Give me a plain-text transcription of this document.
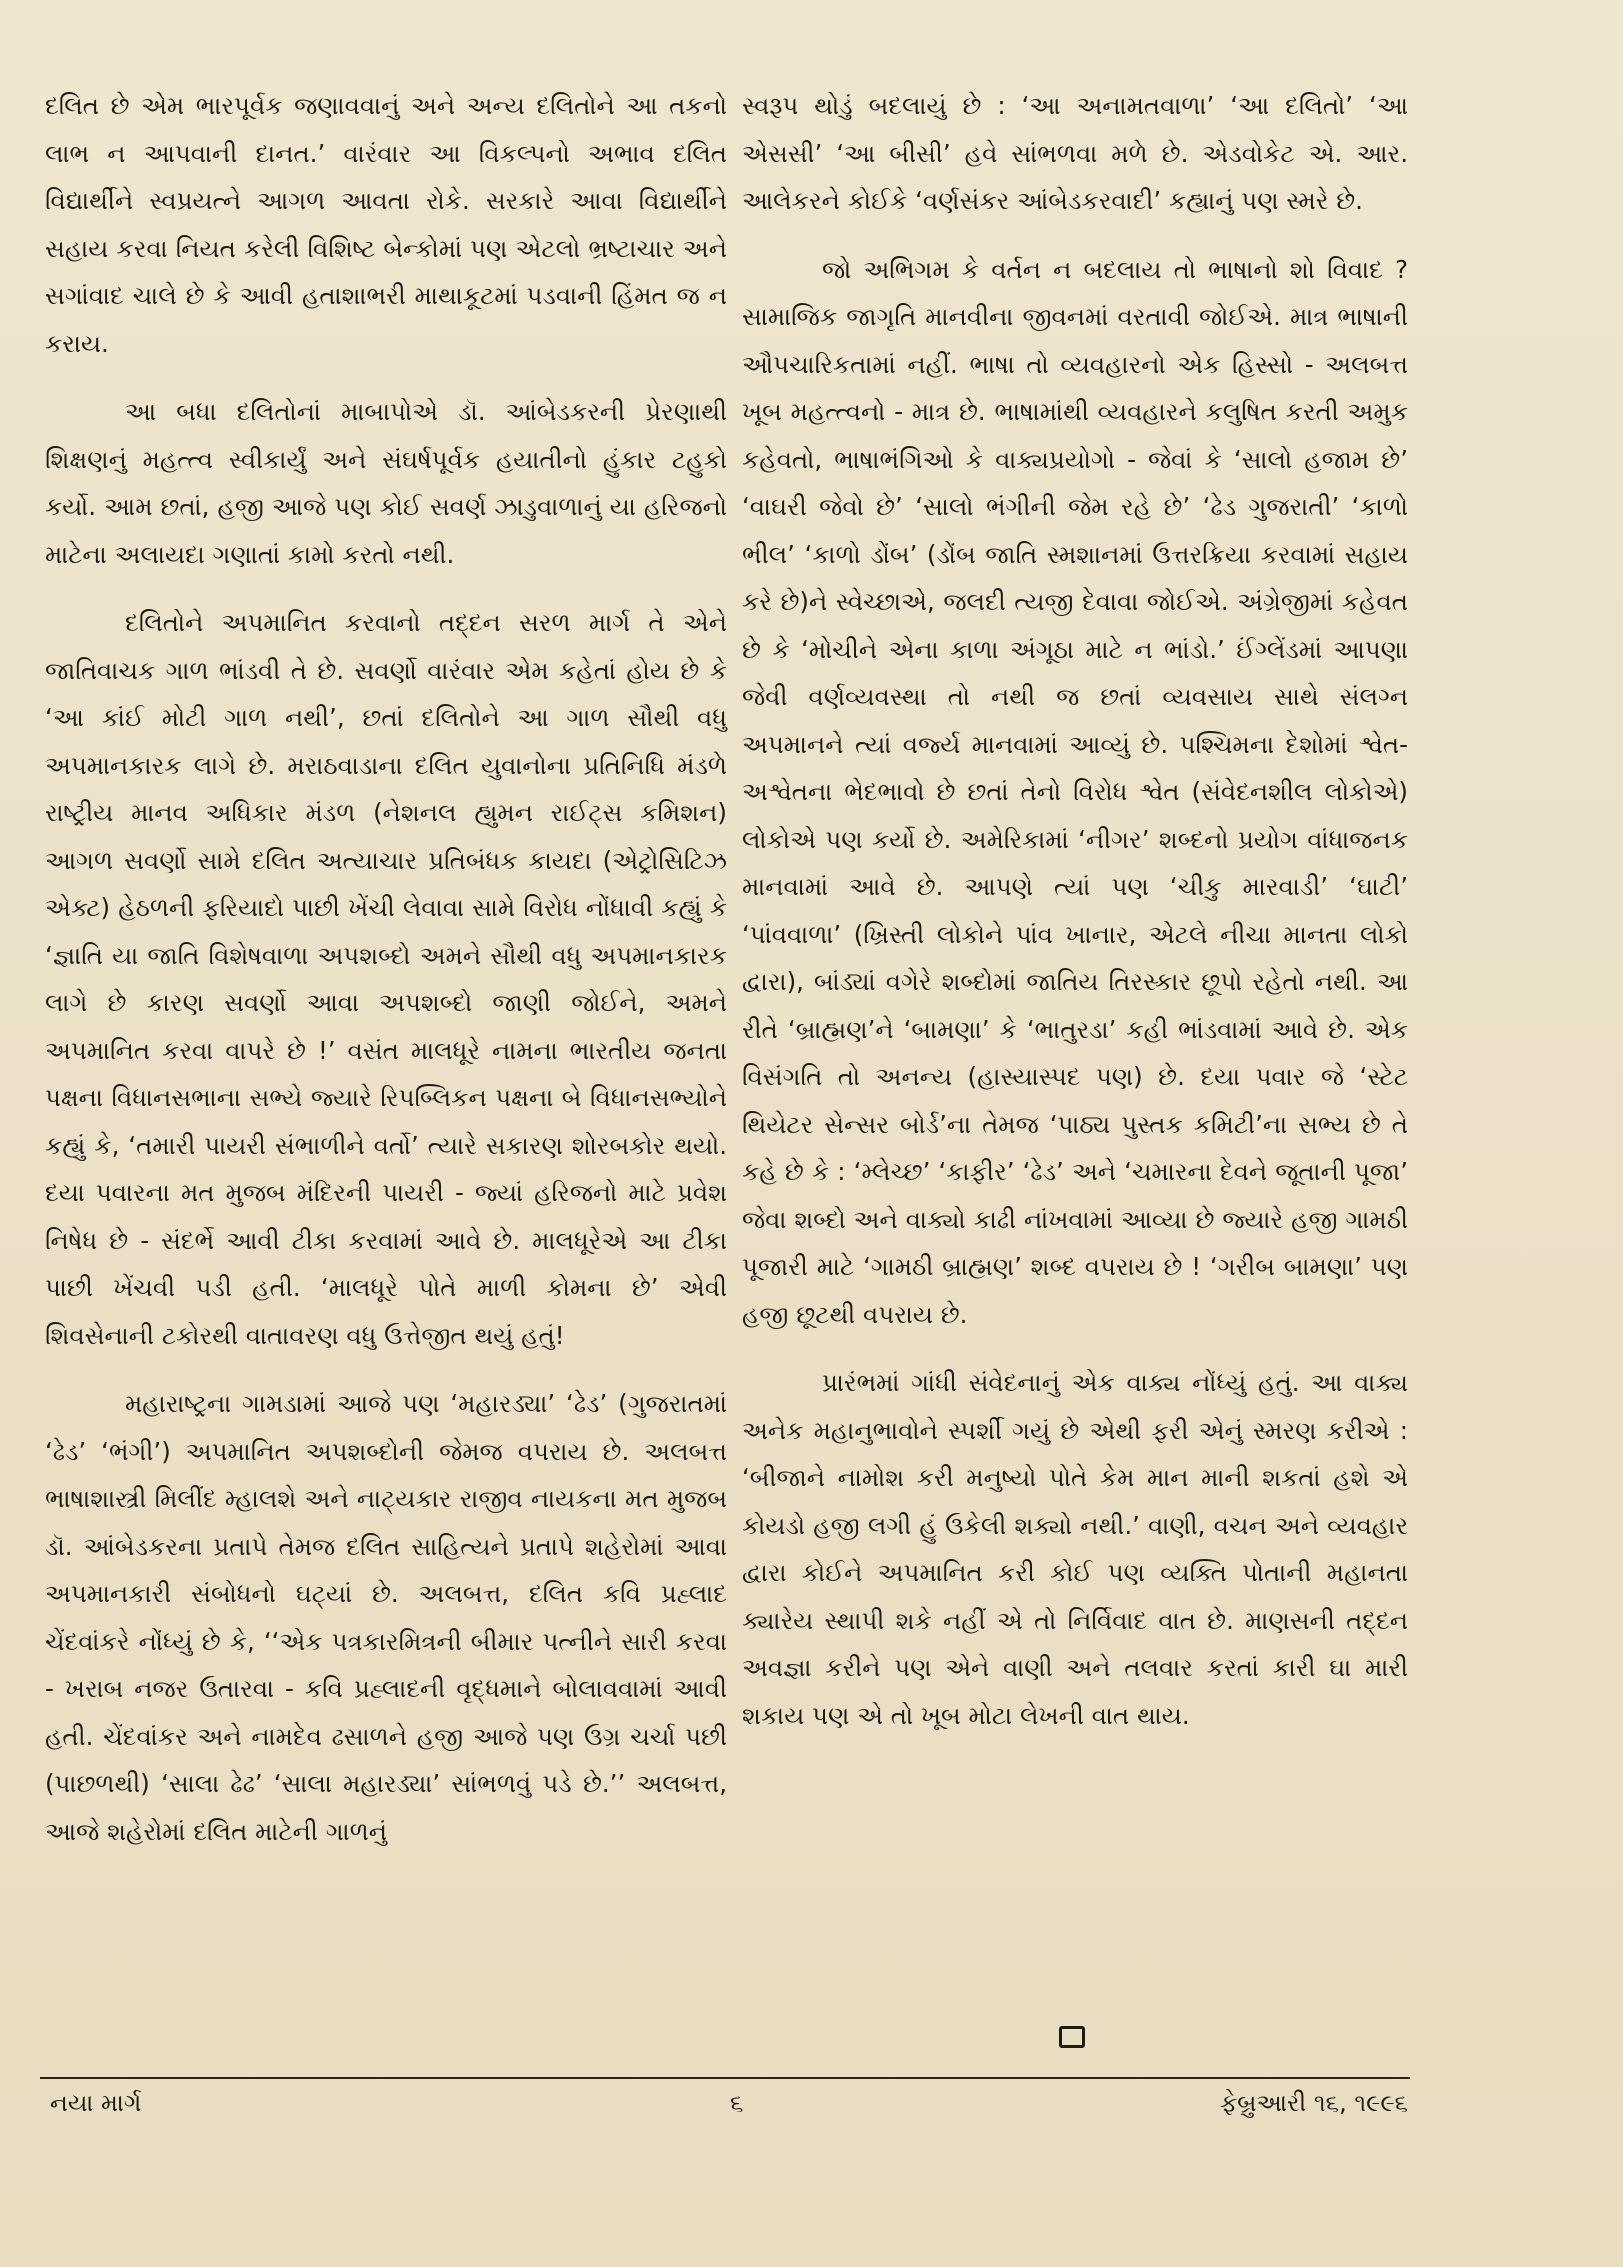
દલિત છે એમ ભારપૂર્વક જણાવવાનું અને અન્ય દલિતોને આ તકનો લાભ ન આપવાની દાનત.’ વારંવાર આ વિકલ્પનો અભાવ દલિત વિદ્યાર્થીને સ્વપ્રયત્ને આગળ આવતા રોકે. સરકારે આવા વિદ્યાર્થીને સહાય કરવા નિયત કરેલી વિશિષ્ટ બેન્કોમાં પણ એટલો ભ્રષ્ટાચાર અને સગાંવાદ ચાલે છે કે આવી હતાશાભરી માથાકૂટમાં પડવાની હિંમત જ ન કરાય.

આ બધા દલિતોનાં માબાપોએ ડૉ. આંબેડકરની પ્રેરણાથી શિક્ષણનું મહત્ત્વ સ્વીકાર્યું અને સંઘર્ષપૂર્વક હયાતીનો હુંકાર ટહુકો કર્યો. આમ છતાં, હજી આજે પણ કોઈ સવર્ણ ઝાડુવાળાનું યા હરિજનો માટેના અલાયદા ગણાતાં કામો કરતો નથી.

દલિતોને અપમાનિત કરવાનો તદ્દન સરળ માર્ગ તે એને જાતિવાચક ગાળ ભાંડવી તે છે. સવર્ણો વારંવાર એમ કહેતાં હોય છે કે ‘આ કાંઈ મોટી ગાળ નથી’, છતાં દલિતોને આ ગાળ સૌથી વધુ અપમાનકારક લાગે છે. મરાઠવાડાના દલિત યુવાનોના પ્રતિનિધિ મંડળે રાષ્ટ્રીય માનવ અધિકાર મંડળ (નેશનલ હ્યુમન રાઈટ્સ કમિશન) આગળ સવર્ણો સામે દલિત અત્યાચાર પ્રતિબંધક કાયદા (એટ્રોસિટિઝ એક્ટ) હેઠળની ફરિયાદો પાછી ખેંચી લેવાવા સામે વિરોધ નોંધાવી કહ્યું કે ‘જ્ઞાતિ યા જાતિ વિશેષવાળા અપશબ્દો અમને સૌથી વધુ અપમાનકારક લાગે છે કારણ સવર્ણો આવા અપશબ્દો જાણી જોઈને, અમને અપમાનિત કરવા વાપરે છે !’ વસંત માલધૂરે નામના ભારતીય જનતા પક્ષના વિધાનસભાના સભ્યે જ્યારે રિપબ્લિકન પક્ષના બે વિધાનસભ્યોને કહ્યું કે, ‘તમારી પાયરી સંભાળીને વર્તો’ ત્યારે સકારણ શોરબકોર થયો. દયા પવારના મત મુજબ મંદિરની પાયરી - જ્યાં હરિજનો માટે પ્રવેશ નિષેધ છે - સંદર્ભે આવી ટીકા કરવામાં આવે છે. માલધૂરેએ આ ટીકા પાછી ખેંચવી પડી હતી. ‘માલધૂરે પોતે માળી કોમના છે’ એવી શિવસેનાની ટકોરથી વાતાવરણ વધુ ઉત્તેજીત થયું હતું!

મહારાષ્ટ્રના ગામડામાં આજે પણ ‘મહારડ્યા’ ‘ઢેડ’ (ગુજરાતમાં ‘ઢેડ’ ‘ભંગી’) અપમાનિત અપશબ્દોની જેમજ વપરાય છે. અલબત્ત ભાષાશાસ્ત્રી મિલીંદ મ્હાલશે અને નાટ્યકાર રાજીવ નાયકના મત મુજબ ડૉ. આંબેડકરના પ્રતાપે તેમજ દલિત સાહિત્યને પ્રતાપે શહેરોમાં આવા અપમાનકારી સંબોધનો ઘટ્યાં છે. અલબત્ત, દલિત કવિ પ્રહ્લાદ ચેંદવાંકરે નોંધ્યું છે કે, ‘‘એક પત્રકારમિત્રની બીમાર પત્નીને સારી કરવા - ખરાબ નજર ઉતારવા - કવિ પ્રહ્લાદની વૃદ્ધમાને બોલાવવામાં આવી હતી. ચેંદવાંકર અને નામદેવ ઢસાળને હજી આજે પણ ઉગ્ર ચર્ચા પછી (પાછળથી) ‘સાલા ઢેઢ’ ‘સાલા મહારડ્યા’ સાંભળવું પડે છે.’’ અલબત્ત, આજે શહેરોમાં દલિત માટેની ગાળનું

સ્વરૂપ થોડું બદલાયું છે : ‘આ અનામતવાળા’ ‘આ દલિતો’ ‘આ એસસી’ ‘આ બીસી’ હવે સાંભળવા મળે છે. એડવોકેટ એ. આર. આલેકરને કોઈકે ‘વર્ણસંકર આંબેડકરવાદી’ કહ્યાનું પણ સ્મરે છે.

જો અભિગમ કે વર્તન ન બદલાય તો ભાષાનો શો વિવાદ ? સામાજિક જાગૃતિ માનવીના જીવનમાં વરતાવી જોઈએ. માત્ર ભાષાની ઔપચારિકતામાં નહીં. ભાષા તો વ્યવહારનો એક હિસ્સો - અલબત્ત ખૂબ મહત્ત્વનો - માત્ર છે. ભાષામાંથી વ્યવહારને કલુષિત કરતી અમુક કહેવતો, ભાષાભંગિઓ કે વાક્યપ્રયોગો - જેવાં કે ‘સાલો હજામ છે’ ‘વાઘરી જેવો છે’ ‘સાલો ભંગીની જેમ રહે છે’ ‘ઢેડ ગુજરાતી’ ‘કાળો ભીલ’ ‘કાળો ડોંબ’ (ડોંબ જાતિ સ્મશાનમાં ઉત્તરક્રિયા કરવામાં સહાય કરે છે)ને સ્વેચ્છાએ, જલદી ત્યજી દેવાવા જોઈએ. અંગ્રેજીમાં કહેવત છે કે ‘મોચીને એના કાળા અંગૂઠા માટે ન ભાંડો.’ ઈંગ્લેંડમાં આપણા જેવી વર્ણવ્યવસ્થા તો નથી જ છતાં વ્યવસાય સાથે સંલગ્ન અપમાનને ત્યાં વર્જ્ય માનવામાં આવ્યું છે. પશ્ચિમના દેશોમાં શ્વેત-અશ્વેતના ભેદભાવો છે છતાં તેનો વિરોધ શ્વેત (સંવેદનશીલ લોકોએ) લોકોએ પણ કર્યો છે. અમેરિકામાં ‘નીગર’ શબ્દનો પ્રયોગ વાંધાજનક માનવામાં આવે છે. આપણે ત્યાં પણ ‘ચીકુ મારવાડી’ ‘ઘાટી’ ‘પાંવવાળા’ (ખ્રિસ્તી લોકોને પાંવ ખાનાર, એટલે નીચા માનતા લોકો દ્વારા), બાંડ્યાં વગેરે શબ્દોમાં જાતિય તિરસ્કાર છૂપો રહેતો નથી. આ રીતે ‘બ્રાહ્મણ’ને ‘બામણા’ કે ‘ભાતુરડા’ કહી ભાંડવામાં આવે છે. એક વિસંગતિ તો અનન્ય (હાસ્યાસ્પદ પણ) છે. દયા પવાર જે ‘સ્ટેટ થિયેટર સેન્સર બોર્ડ’ના તેમજ ‘પાઠ્ય પુસ્તક કમિટી’ના સભ્ય છે તે કહે છે કે : ‘મ્લેચ્છ’ ‘કાફીર’ ‘ઢેડ’ અને ‘ચમારના દેવને જૂતાની પૂજા’ જેવા શબ્દો અને વાક્યો કાઢી નાંખવામાં આવ્યા છે જ્યારે હજી ગામઠી પૂજારી માટે ‘ગામઠી બ્રાહ્મણ’ શબ્દ વપરાય છે ! ‘ગરીબ બામણા’ પણ હજી છૂટથી વપરાય છે.

પ્રારંભમાં ગાંધી સંવેદનાનું એક વાક્ય નોંધ્યું હતું. આ વાક્ય અનેક મહાનુભાવોને સ્પર્શી ગયું છે એથી ફરી એનું સ્મરણ કરીએ : ‘બીજાને નામોશ કરી મનુષ્યો પોતે કેમ માન માની શકતાં હશે એ કોયડો હજી લગી હું ઉકેલી શક્યો નથી.’ વાણી, વચન અને વ્યવહાર દ્વારા કોઈને અપમાનિત કરી કોઈ પણ વ્યક્તિ પોતાની મહાનતા ક્યારેય સ્થાપી શકે નહીં એ તો નિર્વિવાદ વાત છે. માણસની તદ્દન અવજ્ઞા કરીને પણ એને વાણી અને તલવાર કરતાં કારી ઘા મારી શકાય પણ એ તો ખૂબ મોટા લેખની વાત થાય.

નયા માર્ગ	૬	ફેબ્રુઆરી ૧૬, ૧૯૯૬
